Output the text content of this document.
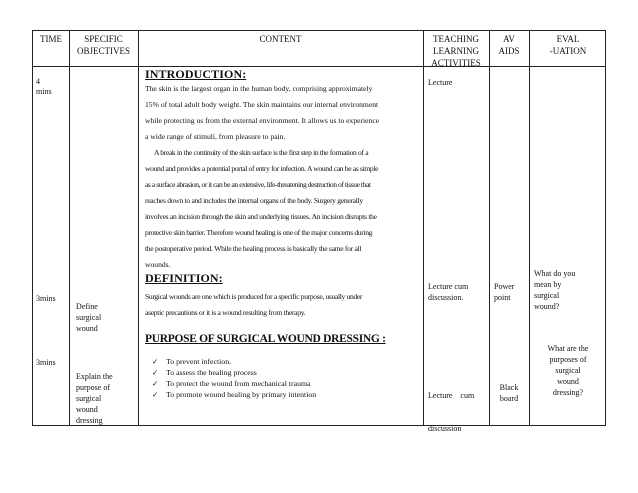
TIME	SPECIFIC
OBJECTIVES
CONTENT	TEACHING
LEARNING
ACTIVITIES
AV
AIDS
EVAL
-UATION
4
mins
3mins
3mins
Define
surgical
wound
Explain the
purpose of
surgical
wound
dressing
INTRODUCTION:

The skin is the largest organ in the human body, comprising approximately

15% of total adult body weight. The skin maintains our internal environment

while protecting us from the external environment. It allows us to experience

a wide range of stimuli, from pleasure to pain.

A break in the continuity of the skin surface is the first step in the formation of a

wound and provides a potential portal of entry for infection. A wound can be as simple

as a surface abrasion, or it can be an extensive, life-threatening destruction of tissue that

reaches down to and includes the internal organs of the body. Surgery generally

involves an incision through the skin and underlying tissues. An incision disrupts the

protective skin barrier. Therefore wound healing is one of the major concerns during

the postoperative period. While the healing process is basically the same for all

wounds.

DEFINITION:

Surgical wounds are one which is produced for a specific purpose, usually under

aseptic precautions or it is a wound resulting from therapy.

PURPOSE OF SURGICAL WOUND DRESSING :
✓ To prevent infection.
✓ To assess the healing process
✓ To protect the wound from mechanical trauma
✓ To promote wound healing by primary intention
Lecture
Lecture cum
discussion.

Lecture    cum

discussion

Power
point
Black
board
What do you
mean by
surgical
wound?
What are the
purposes of
surgical
wound
dressing?
